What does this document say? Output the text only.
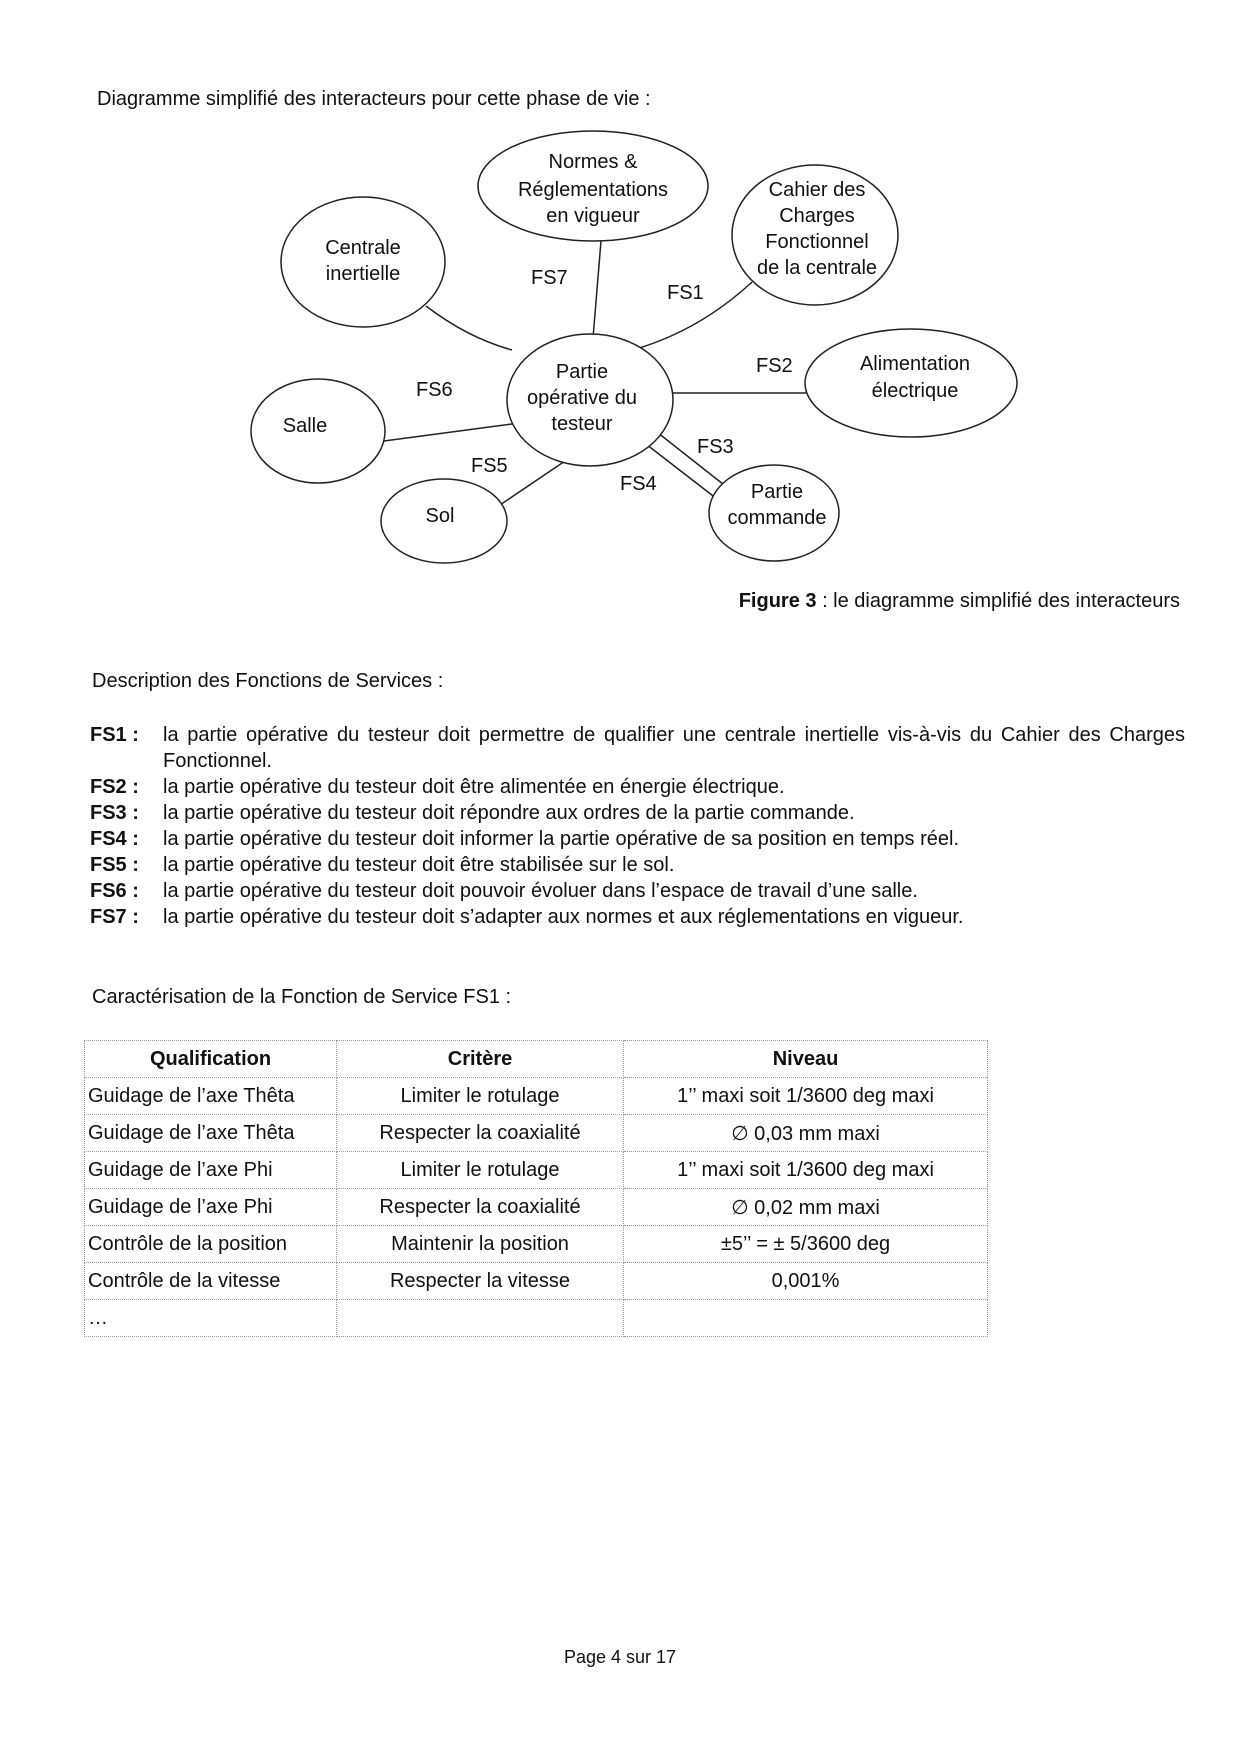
Diagramme simplifié des interacteurs pour cette phase de vie :
Normes & Réglementations en vigueur
Cahier des Charges Fonctionnel de la centrale
Centrale inertielle
Alimentation électrique
Salle
Sol
Partie commande
Partie opérative du testeur
FS7
FS1
FS2
FS6
FS3
FS5
FS4
Figure 3 : le diagramme simplifié des interacteurs
Description des Fonctions de Services :
FS1 :	la partie opérative du testeur doit permettre de qualifier une centrale inertielle vis-à-vis du Cahier des Charges Fonctionnel.
FS2 :	la partie opérative du testeur doit être alimentée en énergie électrique.
FS3 :	la partie opérative du testeur doit répondre aux ordres de la partie commande.
FS4 :	la partie opérative du testeur doit informer la partie opérative de sa position en temps réel.
FS5 :	la partie opérative du testeur doit être stabilisée sur le sol.
FS6 :	la partie opérative du testeur doit pouvoir évoluer dans l’espace de travail d’une salle.
FS7 :	la partie opérative du testeur doit s’adapter aux normes et aux réglementations en vigueur.
Caractérisation de la Fonction de Service FS1 :
Qualification	Critère	Niveau
Guidage de l’axe Thêta	Limiter le rotulage	1’’ maxi soit 1/3600 deg maxi
Guidage de l’axe Thêta	Respecter la coaxialité	∅ 0,03 mm maxi
Guidage de l’axe Phi	Limiter le rotulage	1’’ maxi soit 1/3600 deg maxi
Guidage de l’axe Phi	Respecter la coaxialité	∅ 0,02 mm maxi
Contrôle de la position	Maintenir la position	±5’’ = ± 5/3600 deg
Contrôle de la vitesse	Respecter la vitesse	0,001%
…		
Page 4 sur 17
